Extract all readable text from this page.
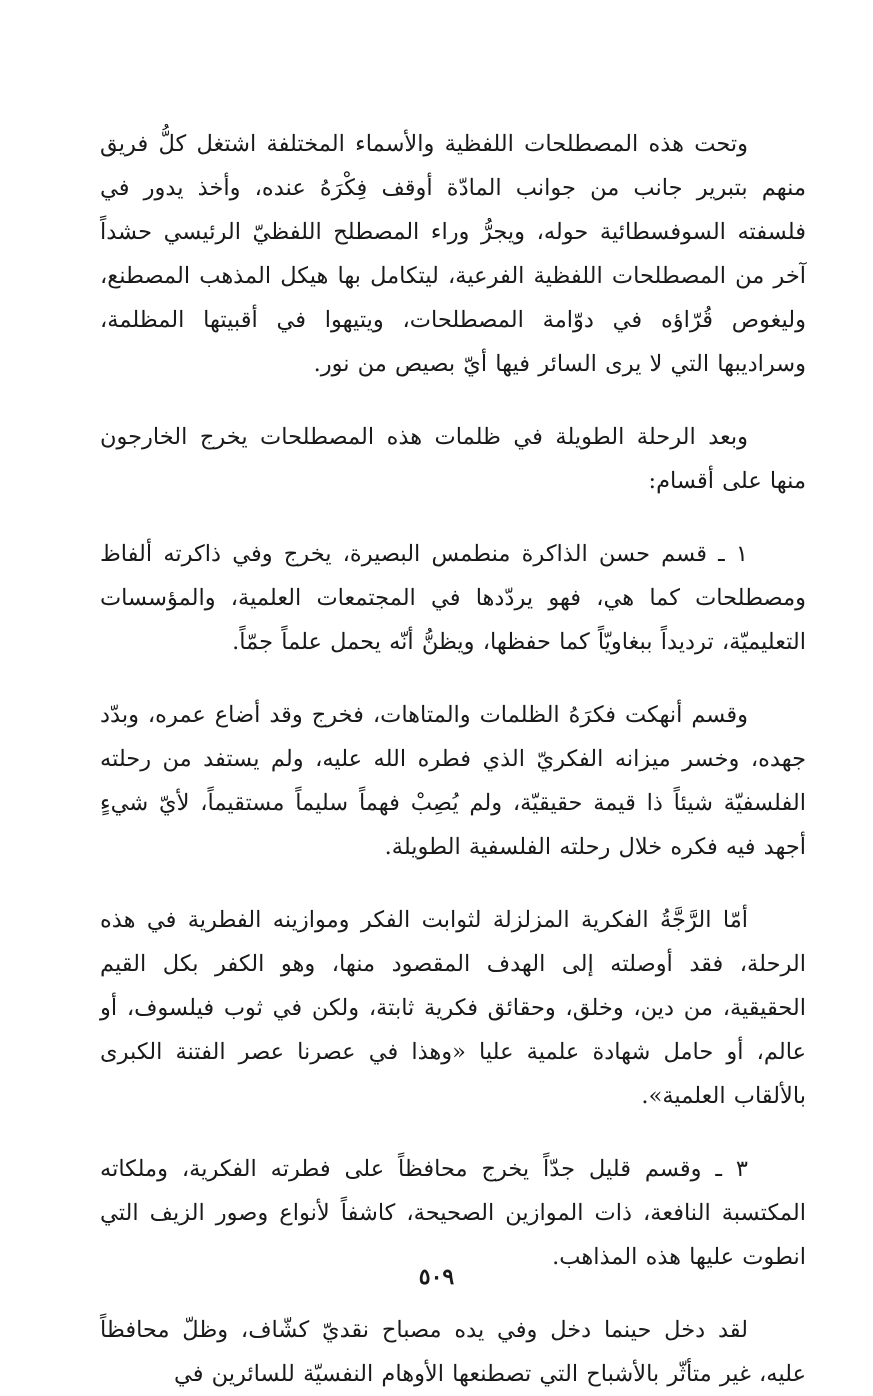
وتحت هذه المصطلحات اللفظية والأسماء المختلفة اشتغل كلُّ فريق منهم بتبرير جانب من جوانب المادّة أوقف فِكْرَهُ عنده، وأخذ يدور في فلسفته السوفسطائية حوله، ويجرُّ وراء المصطلح اللفظيّ الرئيسي حشداً آخر من المصطلحات اللفظية الفرعية، ليتكامل بها هيكل المذهب المصطنع، وليغوص قُرّاؤه في دوّامة المصطلحات، ويتيهوا في أقبيتها المظلمة، وسراديبها التي لا يرى السائر فيها أيّ بصيص من نور.

وبعد الرحلة الطويلة في ظلمات هذه المصطلحات يخرج الخارجون منها على أقسام:

١ ـ قسم حسن الذاكرة منطمس البصيرة، يخرج وفي ذاكرته ألفاظ ومصطلحات كما هي، فهو يردّدها في المجتمعات العلمية، والمؤسسات التعليميّة، ترديداً ببغاويّاً كما حفظها، ويظنُّ أنّه يحمل علماً جمّاً.

وقسم أنهكت فكرَهُ الظلمات والمتاهات، فخرج وقد أضاع عمره، وبدّد جهده، وخسر ميزانه الفكريّ الذي فطره الله عليه، ولم يستفد من رحلته الفلسفيّة شيئاً ذا قيمة حقيقيّة، ولم يُصِبْ فهماً سليماً مستقيماً، لأيّ شيءٍ أجهد فيه فكره خلال رحلته الفلسفية الطويلة.

أمّا الرَّجَّةُ الفكرية المزلزلة لثوابت الفكر وموازينه الفطرية في هذه الرحلة، فقد أوصلته إلى الهدف المقصود منها، وهو الكفر بكل القيم الحقيقية، من دين، وخلق، وحقائق فكرية ثابتة، ولكن في ثوب فيلسوف، أو عالم، أو حامل شهادة علمية عليا «وهذا في عصرنا عصر الفتنة الكبرى بالألقاب العلمية».

٣ ـ وقسم قليل جدّاً يخرج محافظاً على فطرته الفكرية، وملكاته المكتسبة النافعة، ذات الموازين الصحيحة، كاشفاً لأنواع وصور الزيف التي انطوت عليها هذه المذاهب.

لقد دخل حينما دخل وفي يده مصباح نقديّ كشّاف، وظلّ محافظاً عليه، غير متأثّر بالأشباح التي تصطنعها الأوهام النفسيّة للسائرين في

٥٠٩
